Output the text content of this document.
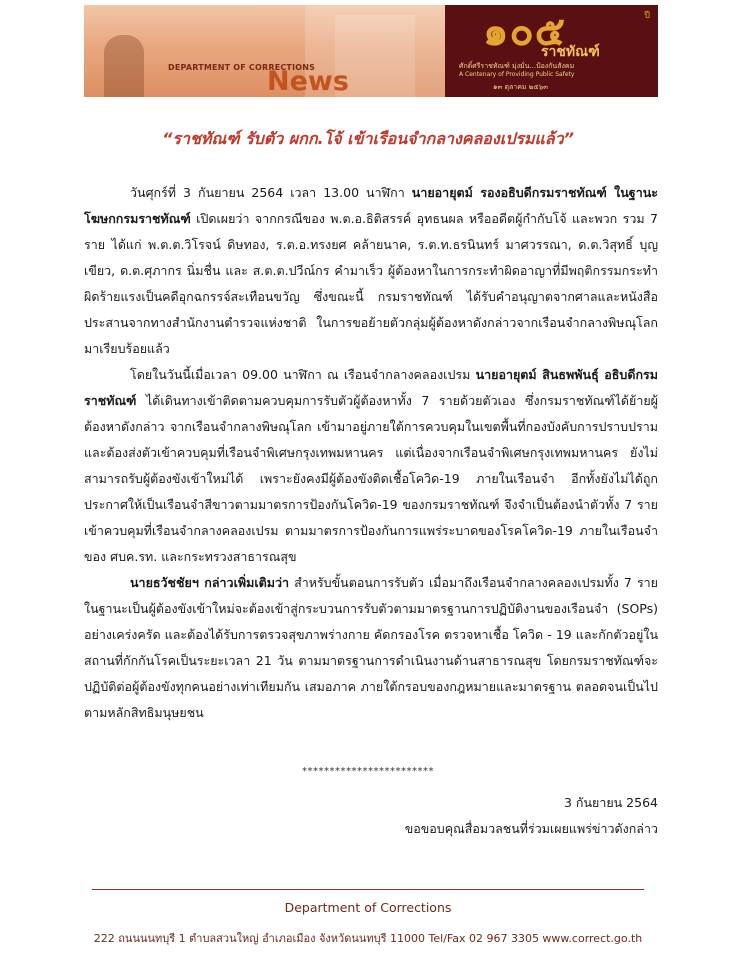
DEPARTMENT OF CORRECTIONS
News
๑๐๕	ปี
ราชทัณฑ์
ศักดิ์ศรีราชทัณฑ์ มุ่งมั่น...ป้องกันสังคม
A Centenary of Providing Public Safety
๑๓ ตุลาคม ๒๕๖๓
“ราชทัณฑ์ รับตัว ผกก.โจ้ เข้าเรือนจำกลางคลองเปรมแล้ว”

วันศุกร์ที่ 3 กันยายน 2564 เวลา 13.00 นาฬิกา นายอายุตม์ รองอธิบดีกรมราชทัณฑ์ ในฐานะโฆษกกรมราชทัณฑ์ เปิดเผยว่า จากกรณีของ พ.ต.อ.ธิติสรรค์ อุทธนผล หรืออดีตผู้กำกับโจ้ และพวก รวม 7 ราย ได้แก่ พ.ต.ต.วิโรจน์ ดิษทอง, ร.ต.อ.ทรงยศ คล้ายนาค, ร.ต.ท.ธรนินทร์ มาศวรรณา, ด.ต.วิสุทธิ์ บุญเขียว, ด.ต.ศุภากร นิ่มชื่น และ ส.ต.ต.ปวีณ์กร คำมาเร็ว ผู้ต้องหาในการกระทำผิดอาญาที่มีพฤติกรรมกระทำผิดร้ายแรงเป็นคดีอุกฉกรรจ์สะเทือนขวัญ ซึ่งขณะนี้ กรมราชทัณฑ์ ได้รับคำอนุญาตจากศาลและหนังสือประสานจากทางสำนักงานตำรวจแห่งชาติ ในการขอย้ายตัวกลุ่มผู้ต้องหาดังกล่าวจากเรือนจำกลางพิษณุโลกมาเรียบร้อยแล้ว

โดยในวันนี้เมื่อเวลา 09.00 นาฬิกา ณ เรือนจำกลางคลองเปรม นายอายุตม์ สินธพพันธุ์ อธิบดีกรมราชทัณฑ์ ได้เดินทางเข้าติดตามควบคุมการรับตัวผู้ต้องหาทั้ง 7 รายด้วยตัวเอง ซึ่งกรมราชทัณฑ์ได้ย้ายผู้ต้องหาดังกล่าว จากเรือนจำกลางพิษณุโลก เข้ามาอยู่ภายใต้การควบคุมในเขตพื้นที่กองบังคับการปราบปรามและต้องส่งตัวเข้าควบคุมที่เรือนจำพิเศษกรุงเทพมหานคร แต่เนื่องจากเรือนจำพิเศษกรุงเทพมหานคร ยังไม่สามารถรับผู้ต้องขังเข้าใหม่ได้ เพราะยังคงมีผู้ต้องขังติดเชื้อโควิด-19 ภายในเรือนจำ อีกทั้งยังไม่ได้ถูกประกาศให้เป็นเรือนจำสีขาวตามมาตรการป้องกันโควิด-19 ของกรมราชทัณฑ์ จึงจำเป็นต้องนำตัวทั้ง 7 ราย เข้าควบคุมที่เรือนจำกลางคลองเปรม ตามมาตรการป้องกันการแพร่ระบาดของโรคโควิด-19 ภายในเรือนจำของ ศบค.รท. และกระทรวงสาธารณสุข

นายธวัชชัยฯ กล่าวเพิ่มเติมว่า สำหรับขั้นตอนการรับตัว เมื่อมาถึงเรือนจำกลางคลองเปรมทั้ง 7 รายในฐานะเป็นผู้ต้องขังเข้าใหม่จะต้องเข้าสู่กระบวนการรับตัวตามมาตรฐานการปฏิบัติงานของเรือนจำ (SOPs) อย่างเคร่งครัด และต้องได้รับการตรวจสุขภาพร่างกาย คัดกรองโรค ตรวจหาเชื้อ โควิด - 19 และกักตัวอยู่ในสถานที่กักกันโรคเป็นระยะเวลา 21 วัน ตามมาตรฐานการดำเนินงานด้านสาธารณสุข โดยกรมราชทัณฑ์จะปฏิบัติต่อผู้ต้องขังทุกคนอย่างเท่าเทียมกัน เสมอภาค ภายใต้กรอบของกฎหมายและมาตรฐาน ตลอดจนเป็นไปตามหลักสิทธิมนุษยชน

************************
3 กันยายน 2564
ขอขอบคุณสื่อมวลชนที่ร่วมเผยแพร่ข่าวดังกล่าว
Department of Corrections
222 ถนนนนทบุรี 1 ตำบลสวนใหญ่ อำเภอเมือง จังหวัดนนทบุรี 11000 Tel/Fax 02 967 3305 www.correct.go.th
